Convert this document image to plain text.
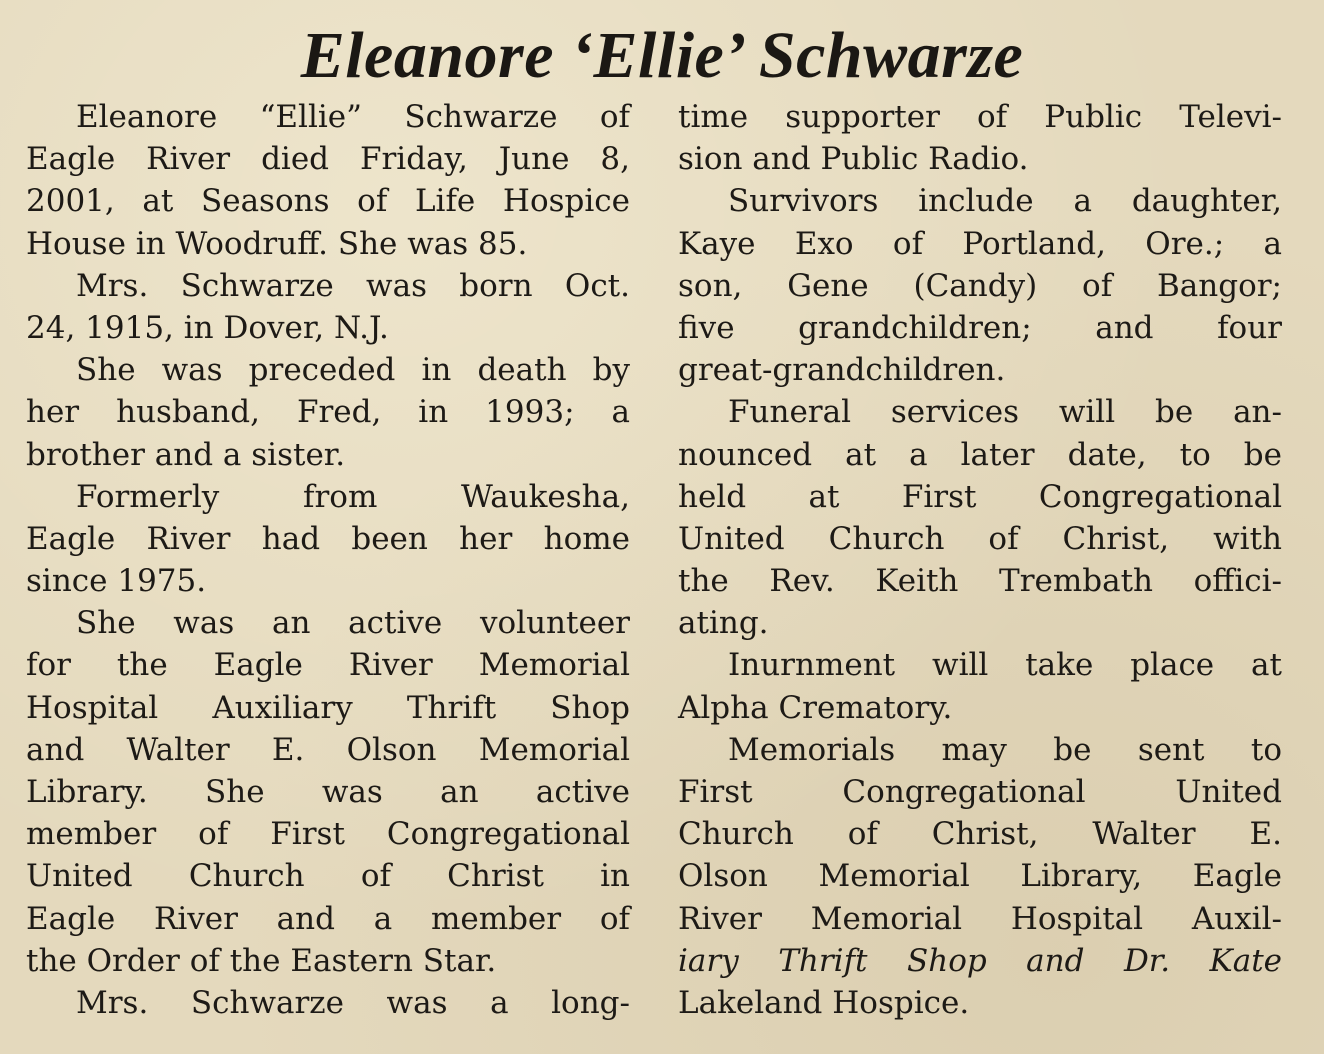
Eleanore ‘Ellie’ Schwarze
Eleanore “Ellie” Schwarze of
Eagle River died Friday, June 8,
2001, at Seasons of Life Hospice
House in Woodruff. She was 85.
Mrs. Schwarze was born Oct.
24, 1915, in Dover, N.J.
She was preceded in death by
her husband, Fred, in 1993; a
brother and a sister.
Formerly from Waukesha,
Eagle River had been her home
since 1975.
She was an active volunteer
for the Eagle River Memorial
Hospital Auxiliary Thrift Shop
and Walter E. Olson Memorial
Library. She was an active
member of First Congregational
United Church of Christ in
Eagle River and a member of
the Order of the Eastern Star.
Mrs. Schwarze was a long-
time supporter of Public Televi-
sion and Public Radio.
Survivors include a daughter,
Kaye Exo of Portland, Ore.; a
son, Gene (Candy) of Bangor;
five grandchildren; and four
great-grandchildren.
Funeral services will be an-
nounced at a later date, to be
held at First Congregational
United Church of Christ, with
the Rev. Keith Trembath offici-
ating.
Inurnment will take place at
Alpha Crematory.
Memorials may be sent to
First Congregational United
Church of Christ, Walter E.
Olson Memorial Library, Eagle
River Memorial Hospital Auxil-
iary Thrift Shop and Dr. Kate
Lakeland Hospice.
